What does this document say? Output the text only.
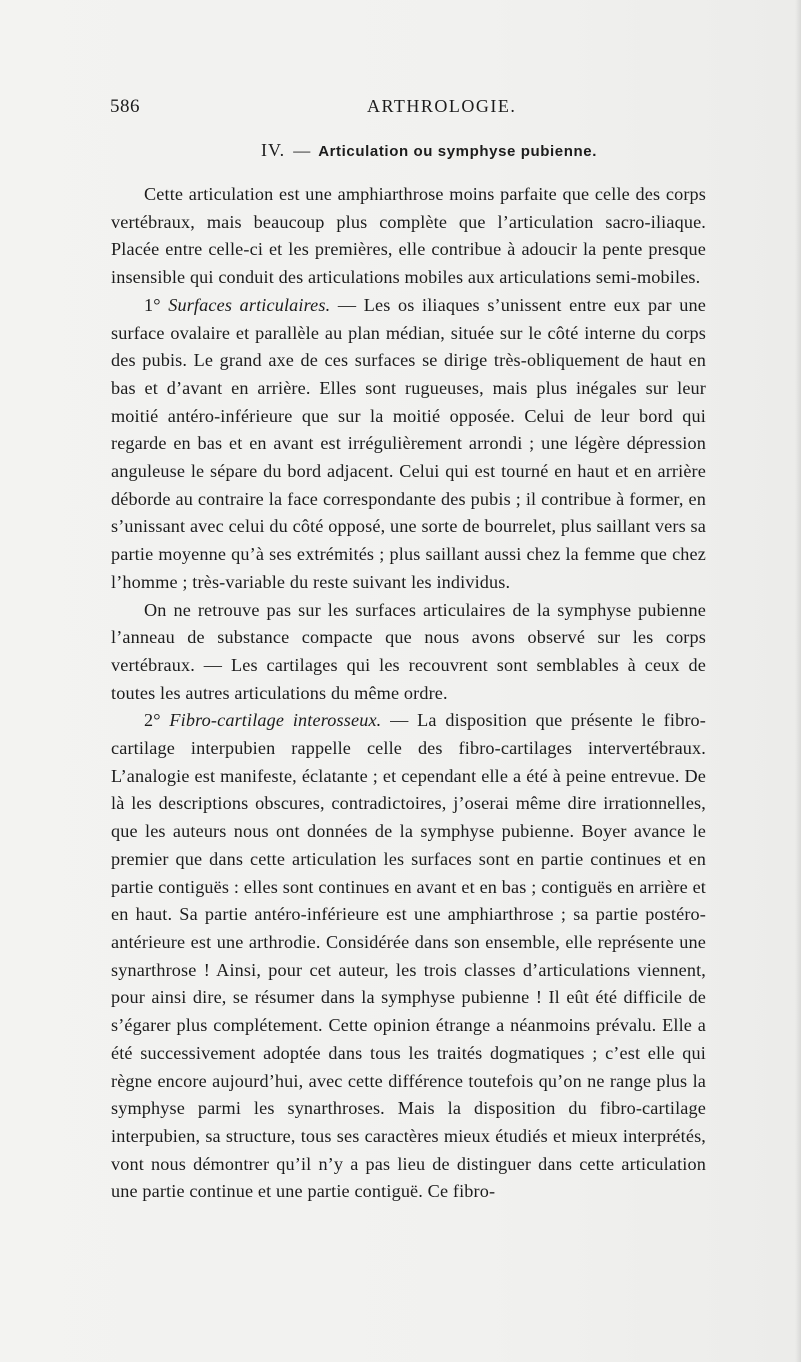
586	ARTHROLOGIE.
IV. — Articulation ou symphyse pubienne.

Cette articulation est une amphiarthrose moins parfaite que celle des corps vertébraux, mais beaucoup plus complète que l’articulation sacro-iliaque. Placée entre celle-ci et les premières, elle contribue à adoucir la pente presque insensible qui conduit des articulations mobiles aux articulations semi-mobiles.

1° Surfaces articulaires. — Les os iliaques s’unissent entre eux par une surface ovalaire et parallèle au plan médian, située sur le côté interne du corps des pubis. Le grand axe de ces surfaces se dirige très-obliquement de haut en bas et d’avant en arrière. Elles sont rugueuses, mais plus inégales sur leur moitié antéro-inférieure que sur la moitié opposée. Celui de leur bord qui regarde en bas et en avant est irrégulièrement arrondi ; une légère dépression anguleuse le sépare du bord adjacent. Celui qui est tourné en haut et en arrière déborde au contraire la face correspondante des pubis ; il contribue à former, en s’unissant avec celui du côté opposé, une sorte de bourrelet, plus saillant vers sa partie moyenne qu’à ses extrémités ; plus saillant aussi chez la femme que chez l’homme ; très-variable du reste suivant les individus.

On ne retrouve pas sur les surfaces articulaires de la symphyse pubienne l’anneau de substance compacte que nous avons observé sur les corps vertébraux. — Les cartilages qui les recouvrent sont semblables à ceux de toutes les autres articulations du même ordre.

2° Fibro-cartilage interosseux. — La disposition que présente le fibro-cartilage interpubien rappelle celle des fibro-cartilages intervertébraux. L’analogie est manifeste, éclatante ; et cependant elle a été à peine entrevue. De là les descriptions obscures, contradictoires, j’oserai même dire irrationnelles, que les auteurs nous ont données de la symphyse pubienne. Boyer avance le premier que dans cette articulation les surfaces sont en partie continues et en partie contiguës : elles sont continues en avant et en bas ; contiguës en arrière et en haut. Sa partie antéro-inférieure est une amphiarthrose ; sa partie postéro-antérieure est une arthrodie. Considérée dans son ensemble, elle représente une synarthrose ! Ainsi, pour cet auteur, les trois classes d’articulations viennent, pour ainsi dire, se résumer dans la symphyse pubienne ! Il eût été difficile de s’égarer plus complétement. Cette opinion étrange a néanmoins prévalu. Elle a été successivement adoptée dans tous les traités dogmatiques ; c’est elle qui règne encore aujourd’hui, avec cette différence toutefois qu’on ne range plus la symphyse parmi les synarthroses. Mais la disposition du fibro-cartilage interpubien, sa structure, tous ses caractères mieux étudiés et mieux interprétés, vont nous démontrer qu’il n’y a pas lieu de distinguer dans cette articulation une partie continue et une partie contiguë. Ce fibro-
